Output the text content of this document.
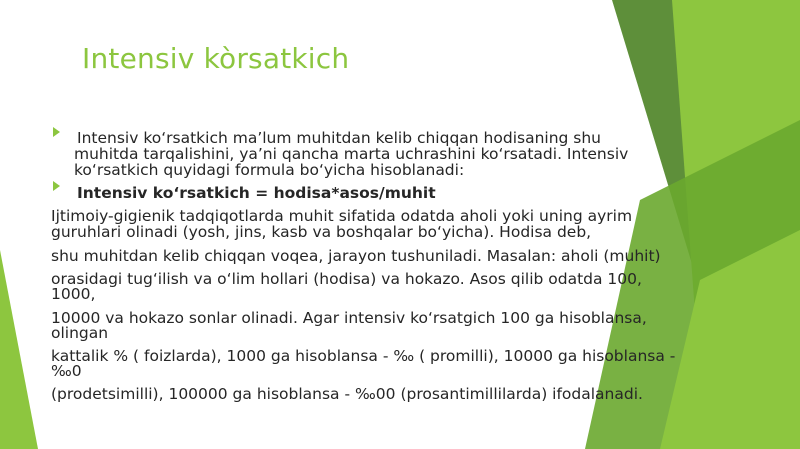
Intensiv kòrsatkich
Intensiv ko‘rsatkich ma’lum muhitdan kelib chiqqan hodisaning shu
muhitda tarqalishini, ya’ni qancha marta uchrashini ko‘rsatadi. Intensiv
ko‘rsatkich quyidagi formula bo‘yicha hisoblanadi:
Intensiv ko‘rsatkich = hodisa*asos/muhit
Ijtimoiy-gigienik tadqiqotlarda muhit sifatida odatda aholi yoki uning ayrim
guruhlari olinadi (yosh, jins, kasb va boshqalar bo‘yicha). Hodisa deb,
shu muhitdan kelib chiqqan voqea, jarayon tushuniladi. Masalan: aholi (muhit)
orasidagi tug‘ilish va o‘lim hollari (hodisa) va hokazo. Asos qilib odatda 100,
1000,
10000 va hokazo sonlar olinadi. Agar intensiv ko‘rsatgich 100 ga hisoblansa,
olingan
kattalik % ( foizlarda), 1000 ga hisoblansa - ‰ ( promilli), 10000 ga hisoblansa -
‰0
(prodetsimilli), 100000 ga hisoblansa - ‰00 (prosantimillilarda) ifodalanadi.
